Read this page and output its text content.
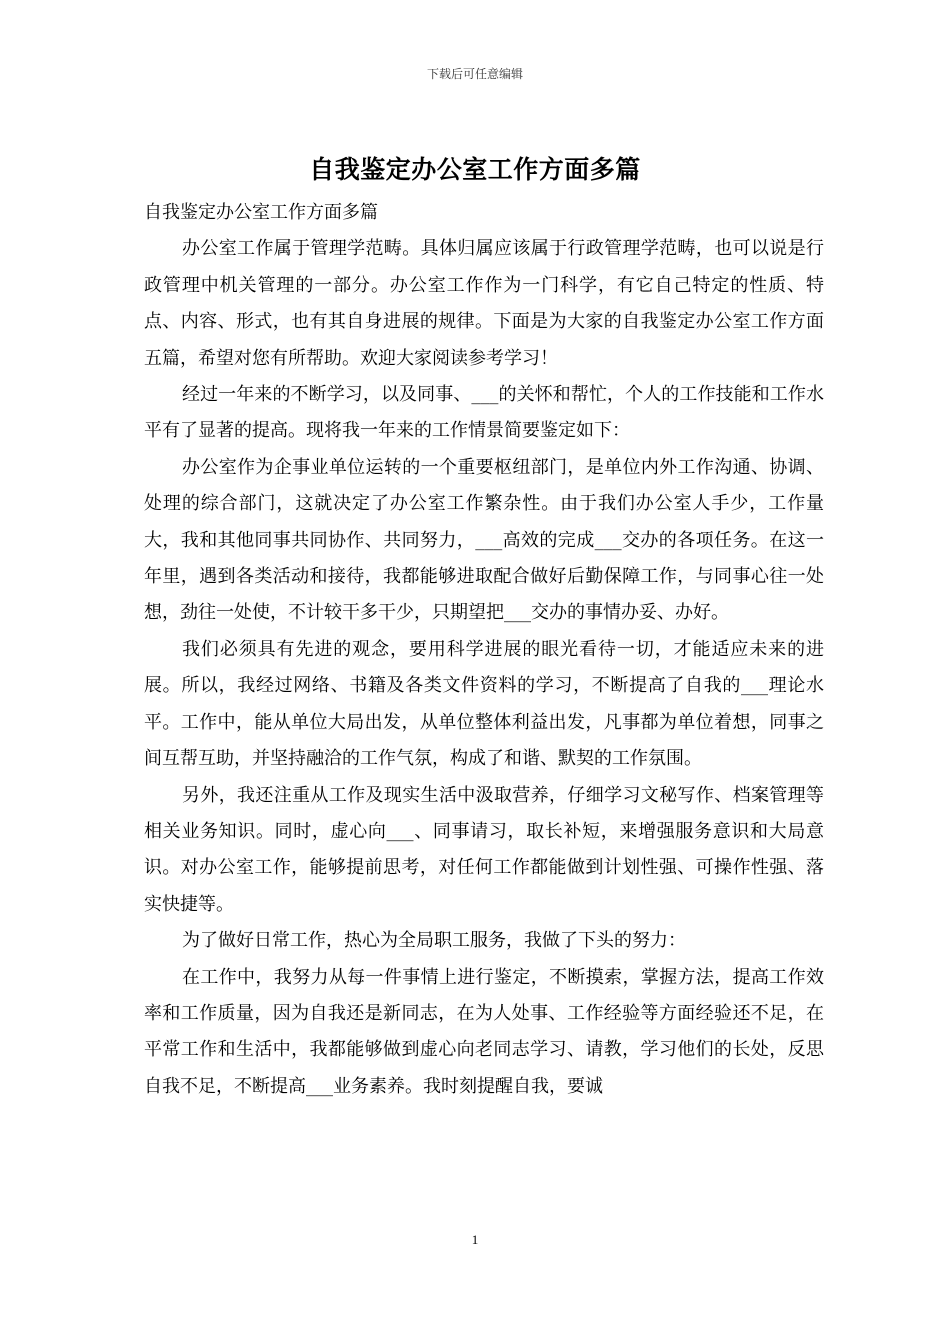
下载后可任意编辑
自我鉴定办公室工作方面多篇

自我鉴定办公室工作方面多篇

办公室工作属于管理学范畴。具体归属应该属于行政管理学范畴，也可以说是行政管理中机关管理的一部分。办公室工作作为一门科学，有它自己特定的性质、特点、内容、形式，也有其自身进展的规律。下面是为大家的自我鉴定办公室工作方面五篇，希望对您有所帮助。欢迎大家阅读参考学习！

经过一年来的不断学习，以及同事、___的关怀和帮忙，个人的工作技能和工作水平有了显著的提高。现将我一年来的工作情景简要鉴定如下：

办公室作为企事业单位运转的一个重要枢纽部门，是单位内外工作沟通、协调、处理的综合部门，这就决定了办公室工作繁杂性。由于我们办公室人手少，工作量大，我和其他同事共同协作、共同努力，___高效的完成___交办的各项任务。在这一年里，遇到各类活动和接待，我都能够进取配合做好后勤保障工作，与同事心往一处想，劲往一处使，不计较干多干少，只期望把___交办的事情办妥、办好。

我们必须具有先进的观念，要用科学进展的眼光看待一切，才能适应未来的进展。所以，我经过网络、书籍及各类文件资料的学习，不断提高了自我的___理论水平。工作中，能从单位大局出发，从单位整体利益出发，凡事都为单位着想，同事之间互帮互助，并坚持融洽的工作气氛，构成了和谐、默契的工作氛围。

另外，我还注重从工作及现实生活中汲取营养，仔细学习文秘写作、档案管理等相关业务知识。同时，虚心向___、同事请习，取长补短，来增强服务意识和大局意识。对办公室工作，能够提前思考，对任何工作都能做到计划性强、可操作性强、落实快捷等。

为了做好日常工作，热心为全局职工服务，我做了下头的努力：

在工作中，我努力从每一件事情上进行鉴定，不断摸索，掌握方法，提高工作效率和工作质量，因为自我还是新同志，在为人处事、工作经验等方面经验还不足，在平常工作和生活中，我都能够做到虚心向老同志学习、请教，学习他们的长处，反思自我不足，不断提高___业务素养。我时刻提醒自我，要诚

1
